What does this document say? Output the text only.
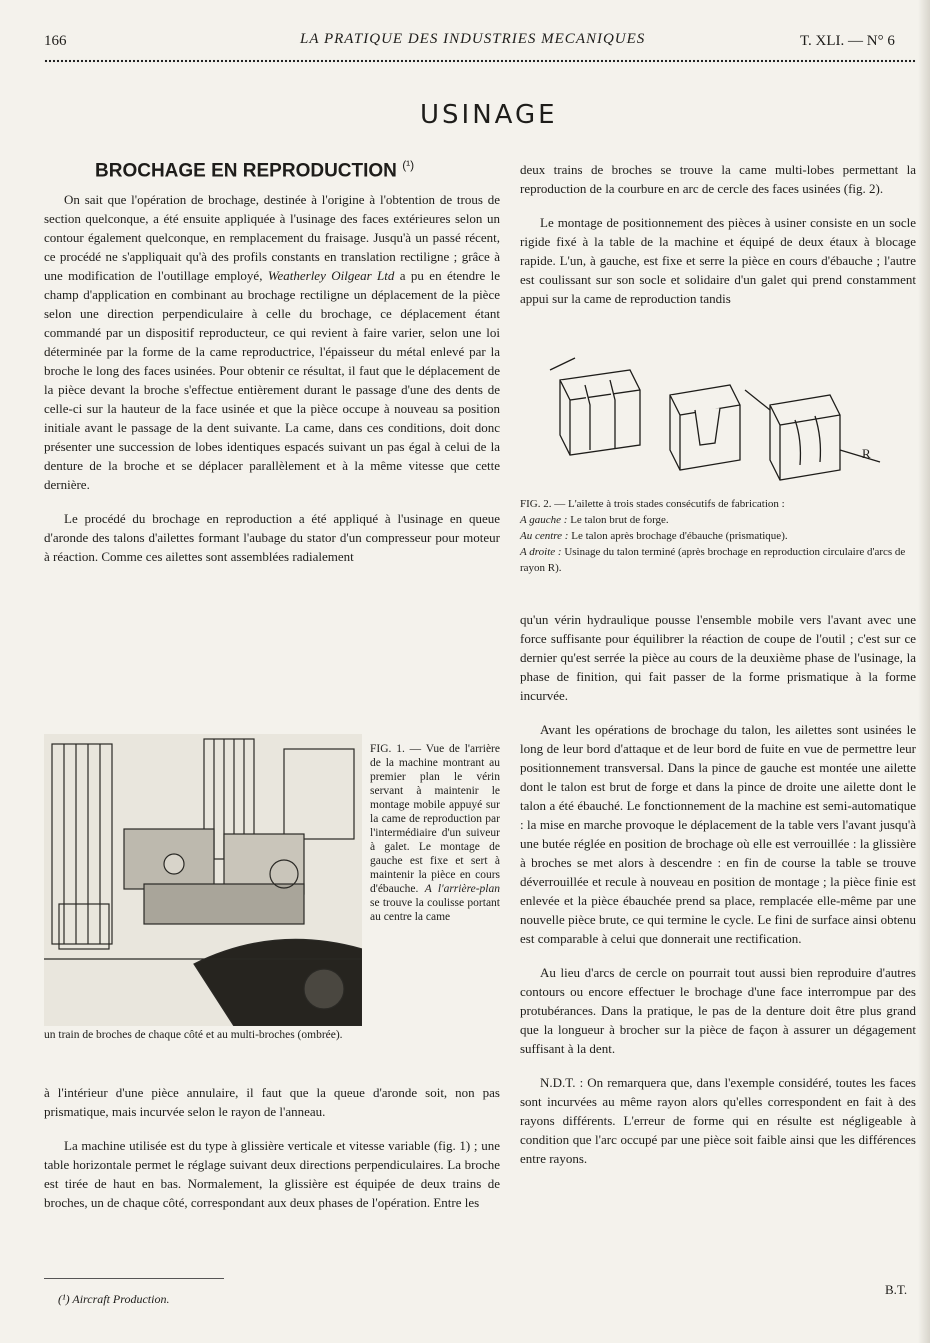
166	LA PRATIQUE DES INDUSTRIES MECANIQUES	T. XLI. — N° 6
USINAGE
BROCHAGE EN REPRODUCTION $^{(^1)}$

On sait que l'opération de brochage, destinée à l'origine à l'obtention de trous de section quelconque, a été ensuite appliquée à l'usinage des faces extérieures selon un contour également quelconque, en remplacement du fraisage. Jusqu'à un passé récent, ce procédé ne s'appliquait qu'à des profils constants en translation rectiligne ; grâce à une modification de l'outillage employé, Weatherley Oilgear Ltd a pu en étendre le champ d'application en combinant au brochage rectiligne un déplacement de la pièce selon une direction perpendiculaire à celle du brochage, ce déplacement étant commandé par un dispositif reproducteur, ce qui revient à faire varier, selon une loi déterminée par la forme de la came reproductrice, l'épaisseur du métal enlevé par la broche le long des faces usinées. Pour obtenir ce résultat, il faut que le déplacement de la pièce devant la broche s'effectue entièrement durant le passage d'une des dents de celle-ci sur la hauteur de la face usinée et que la pièce occupe à nouveau sa position initiale avant le passage de la dent suivante. La came, dans ces conditions, doit donc présenter une succession de lobes identiques espacés suivant un pas égal à celui de la denture de la broche et se déplacer parallèlement et à la même vitesse que cette dernière.

Le procédé du brochage en reproduction a été appliqué à l'usinage en queue d'aronde des talons d'ailettes formant l'aubage du stator d'un compresseur pour moteur à réaction. Comme ces ailettes sont assemblées radialement

FIG. 1. — Vue de l'arrière de la machine montrant au premier plan le vérin servant à maintenir le montage mobile appuyé sur la came de reproduction par l'intermédiaire d'un suiveur à galet. Le montage de gauche est fixe et sert à maintenir la pièce en cours d'ébauche. A l'arrière-plan se trouve la coulisse portant au centre la came
un train de broches de chaque côté et au multi-broches (ombrée).

à l'intérieur d'une pièce annulaire, il faut que la queue d'aronde soit, non pas prismatique, mais incurvée selon le rayon de l'anneau.

La machine utilisée est du type à glissière verticale et vitesse variable (fig. 1) ; une table horizontale permet le réglage suivant deux directions perpendiculaires. La broche est tirée de haut en bas. Normalement, la glissière est équipée de deux trains de broches, un de chaque côté, correspondant aux deux phases de l'opération. Entre les

deux trains de broches se trouve la came multi-lobes permettant la reproduction de la courbure en arc de cercle des faces usinées (fig. 2).

Le montage de positionnement des pièces à usiner consiste en un socle rigide fixé à la table de la machine et équipé de deux étaux à blocage rapide. L'un, à gauche, est fixe et serre la pièce en cours d'ébauche ; l'autre est coulissant sur son socle et solidaire d'un galet qui prend constamment appui sur la came de reproduction tandis

R
FIG. 2. — L'ailette à trois stades consécutifs de fabrication :
A gauche : Le talon brut de forge.
Au centre : Le talon après brochage d'ébauche (prismatique).
A droite : Usinage du talon terminé (après brochage en reproduction circulaire d'arcs de rayon R).

qu'un vérin hydraulique pousse l'ensemble mobile vers l'avant avec une force suffisante pour équilibrer la réaction de coupe de l'outil ; c'est sur ce dernier qu'est serrée la pièce au cours de la deuxième phase de l'usinage, la phase de finition, qui fait passer de la forme prismatique à la forme incurvée.

Avant les opérations de brochage du talon, les ailettes sont usinées le long de leur bord d'attaque et de leur bord de fuite en vue de permettre leur positionnement transversal. Dans la pince de gauche est montée une ailette dont le talon est brut de forge et dans la pince de droite une ailette dont le talon a été ébauché. Le fonctionnement de la machine est semi-automatique : la mise en marche provoque le déplacement de la table vers l'avant jusqu'à une butée réglée en position de brochage où elle est verrouillée : la glissière à broches se met alors à descendre : en fin de course la table se trouve déverrouillée et recule à nouveau en position de montage ; la pièce finie est enlevée et la pièce ébauchée prend sa place, remplacée elle-même par une nouvelle pièce brute, ce qui termine le cycle. Le fini de surface ainsi obtenu est comparable à celui que donnerait une rectification.

Au lieu d'arcs de cercle on pourrait tout aussi bien reproduire d'autres contours ou encore effectuer le brochage d'une face interrompue par des protubérances. Dans la pratique, le pas de la denture doit être plus grand que la longueur à brocher sur la pièce de façon à assurer un dégagement suffisant à la dent.

N.D.T. : On remarquera que, dans l'exemple considéré, toutes les faces sont incurvées au même rayon alors qu'elles correspondent en fait à des rayons différents. L'erreur de forme qui en résulte est négligeable à condition que l'arc occupé par une pièce soit faible ainsi que les différences entre rayons.

(¹) Aircraft Production.
B.T.
